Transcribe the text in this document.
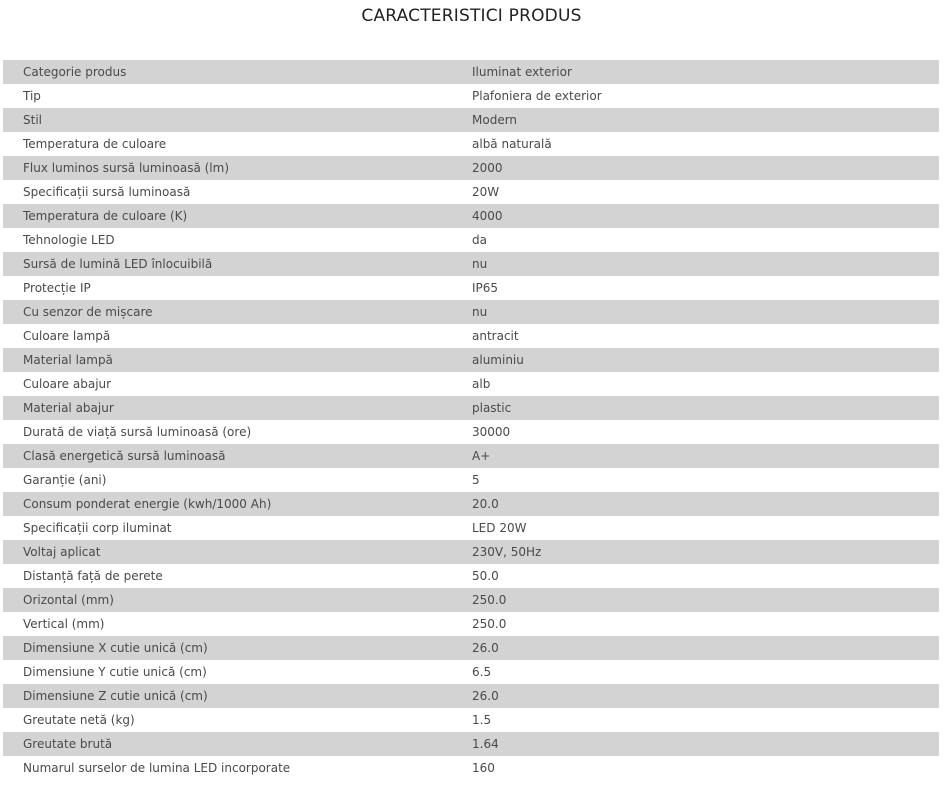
CARACTERISTICI PRODUS
Categorie produs	Iluminat exterior
Tip	Plafoniera de exterior
Stil	Modern
Temperatura de culoare	albă naturală
Flux luminos sursă luminoasă (lm)	2000
Specificații sursă luminoasă	20W
Temperatura de culoare (K)	4000
Tehnologie LED	da
Sursă de lumină LED înlocuibilă	nu
Protecție IP	IP65
Cu senzor de mișcare	nu
Culoare lampă	antracit
Material lampă	aluminiu
Culoare abajur	alb
Material abajur	plastic
Durată de viață sursă luminoasă (ore)	30000
Clasă energetică sursă luminoasă	A+
Garanție (ani)	5
Consum ponderat energie (kwh/1000 Ah)	20.0
Specificații corp iluminat	LED 20W
Voltaj aplicat	230V, 50Hz
Distanță față de perete	50.0
Orizontal (mm)	250.0
Vertical (mm)	250.0
Dimensiune X cutie unică (cm)	26.0
Dimensiune Y cutie unică (cm)	6.5
Dimensiune Z cutie unică (cm)	26.0
Greutate netă (kg)	1.5
Greutate brută	1.64
Numarul surselor de lumina LED incorporate	160
